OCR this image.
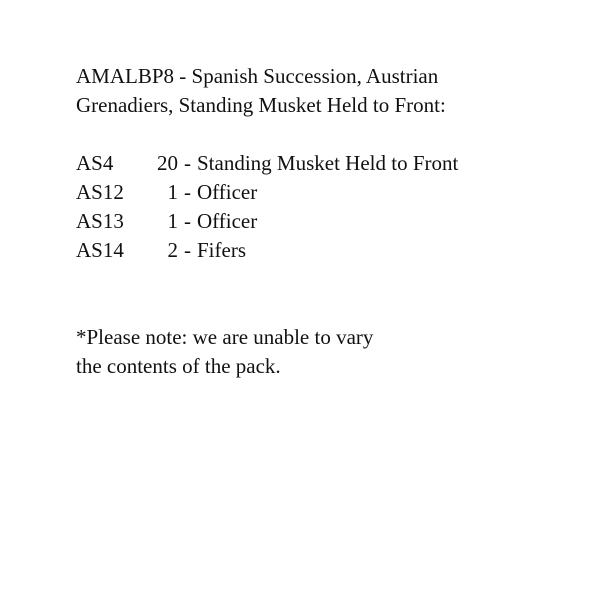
AMALBP8 - Spanish Succession, Austrian
Grenadiers, Standing Musket Held to Front:
AS4	20 - Standing Musket Held to Front
AS12	1 - Officer
AS13	1 - Officer
AS14	2 - Fifers
*Please note: we are unable to vary
the contents of the pack.
